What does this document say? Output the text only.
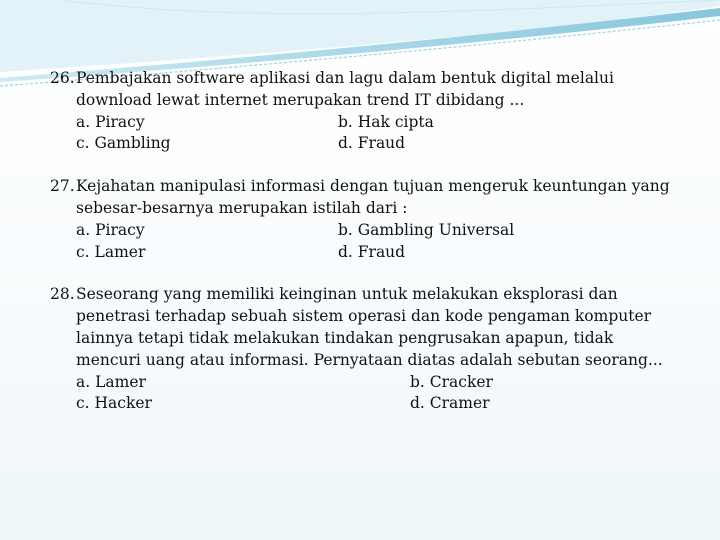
26. Pembajakan software aplikasi dan lagu dalam bentuk digital melalui
download lewat internet merupakan trend IT dibidang ...
a. Piracy	b. Hak cipta
c. Gambling	d. Fraud
27. Kejahatan manipulasi informasi dengan tujuan mengeruk keuntungan yang
sebesar-besarnya merupakan istilah dari :
a. Piracy	b. Gambling Universal
c. Lamer	d. Fraud
28. Seseorang yang memiliki keinginan untuk melakukan eksplorasi dan
penetrasi terhadap sebuah sistem operasi dan kode pengaman komputer
lainnya tetapi tidak melakukan tindakan pengrusakan apapun, tidak
mencuri uang atau informasi. Pernyataan diatas adalah sebutan seorang...
a. Lamer	b. Cracker
c. Hacker	d. Cramer
